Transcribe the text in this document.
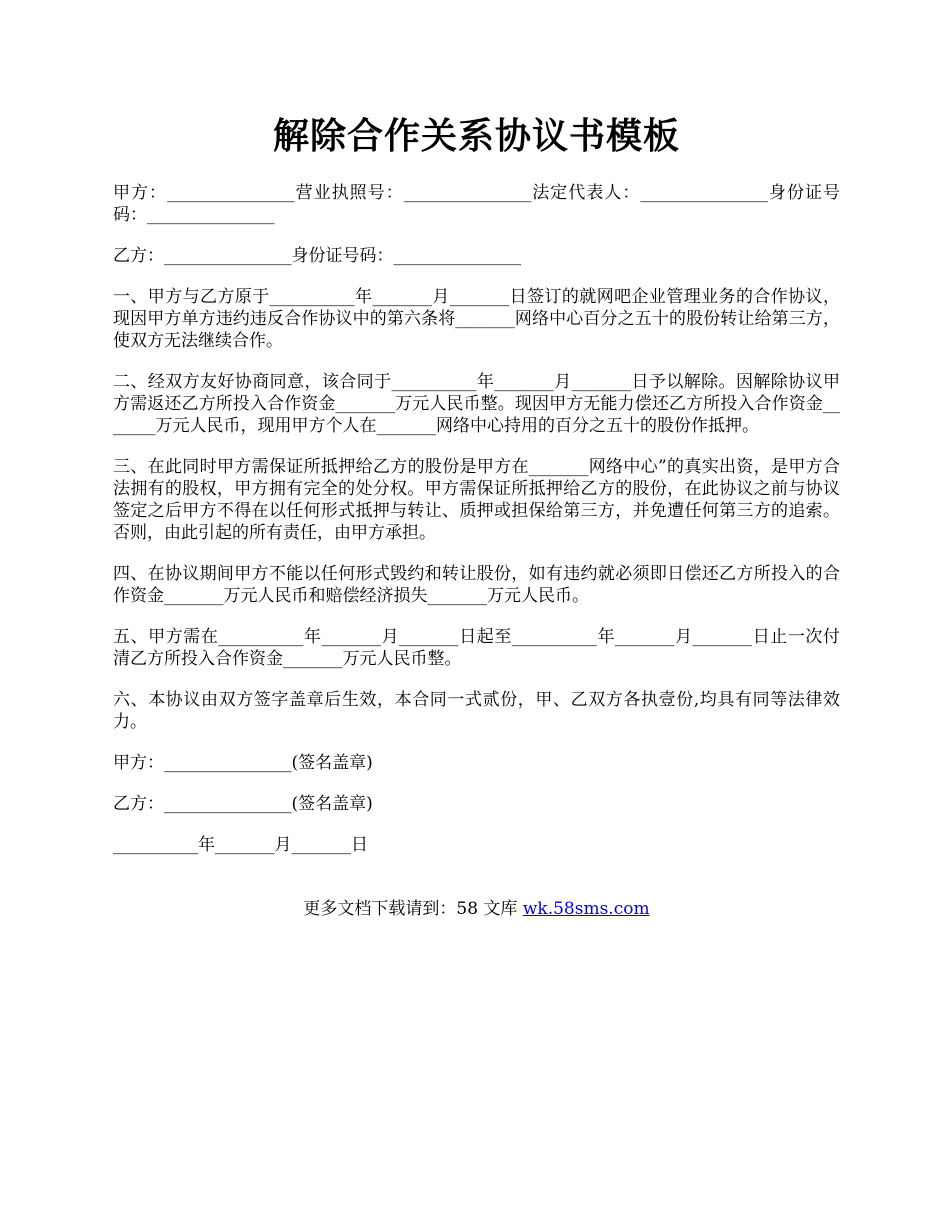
解除合作关系协议书模板

甲方：_______________营业执照号：_______________法定代表人：_______________身份证号码：_______________

乙方：_______________身份证号码：_______________

一、甲方与乙方原于__________年_______月_______日签订的就网吧企业管理业务的合作协议，现因甲方单方违约违反合作协议中的第六条将_______网络中心百分之五十的股份转让给第三方，使双方无法继续合作。

二、经双方友好协商同意，该合同于__________年_______月_______日予以解除。因解除协议甲方需返还乙方所投入合作资金_______万元人民币整。现因甲方无能力偿还乙方所投入合作资金_______万元人民币，现用甲方个人在_______网络中心持用的百分之五十的股份作抵押。

三、在此同时甲方需保证所抵押给乙方的股份是甲方在_______网络中心”的真实出资，是甲方合法拥有的股权，甲方拥有完全的处分权。甲方需保证所抵押给乙方的股份，在此协议之前与协议签定之后甲方不得在以任何形式抵押与转让、质押或担保给第三方，并免遭任何第三方的追索。否则，由此引起的所有责任，由甲方承担。

四、在协议期间甲方不能以任何形式毁约和转让股份，如有违约就必须即日偿还乙方所投入的合作资金_______万元人民币和赔偿经济损失_______万元人民币。

五、甲方需在__________年_______月_______日起至__________年_______月_______日止一次付清乙方所投入合作资金_______万元人民币整。

六、本协议由双方签字盖章后生效，本合同一式贰份，甲、乙双方各执壹份,均具有同等法律效力。

甲方：_______________(签名盖章)

乙方：_______________(签名盖章)

__________年_______月_______日

更多文档下载请到：58 文库 wk.58sms.com
